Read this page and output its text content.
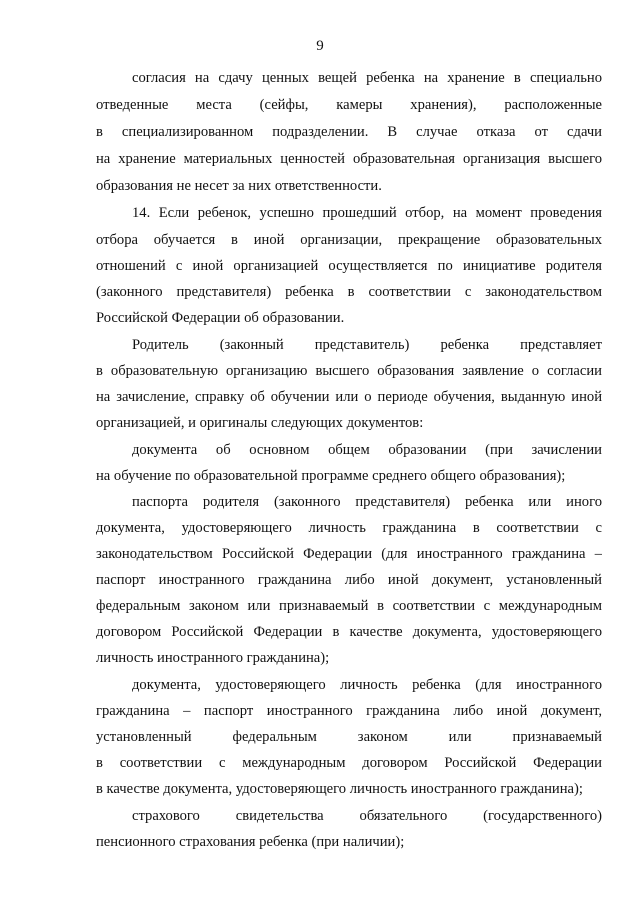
9
согласия на сдачу ценных вещей ребенка на хранение в специально
отведенные места (сейфы, камеры хранения), расположенные
в специализированном подразделении. В случае отказа от сдачи
на хранение материальных ценностей образовательная организация высшего
образования не несет за них ответственности.
14. Если ребенок, успешно прошедший отбор, на момент проведения
отбора обучается в иной организации, прекращение образовательных
отношений с иной организацией осуществляется по инициативе родителя
(законного представителя) ребенка в соответствии с законодательством
Российской Федерации об образовании.
Родитель (законный представитель) ребенка представляет
в образовательную организацию высшего образования заявление о согласии
на зачисление, справку об обучении или о периоде обучения, выданную иной
организацией, и оригиналы следующих документов:
документа об основном общем образовании (при зачислении
на обучение по образовательной программе среднего общего образования);
паспорта родителя (законного представителя) ребенка или иного
документа, удостоверяющего личность гражданина в соответствии с
законодательством Российской Федерации (для иностранного гражданина –
паспорт иностранного гражданина либо иной документ, установленный
федеральным законом или признаваемый в соответствии с международным
договором Российской Федерации в качестве документа, удостоверяющего
личность иностранного гражданина);
документа, удостоверяющего личность ребенка (для иностранного
гражданина – паспорт иностранного гражданина либо иной документ,
установленный федеральным законом или признаваемый
в соответствии с международным договором Российской Федерации
в качестве документа, удостоверяющего личность иностранного гражданина);
страхового свидетельства обязательного (государственного)
пенсионного страхования ребенка (при наличии);
